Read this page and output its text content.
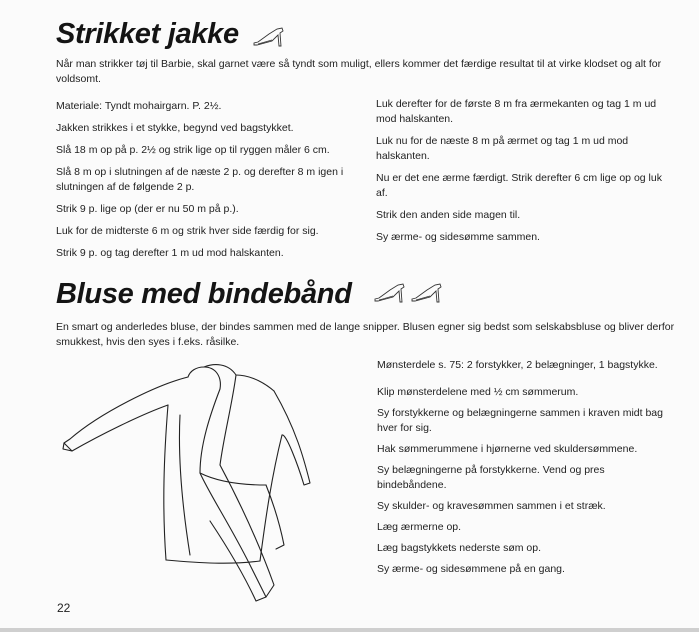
Strikket jakke

Når man strikker tøj til Barbie, skal garnet være så tyndt som muligt, ellers kommer det færdige resultat til at virke klodset og alt for voldsomt.

Materiale: Tyndt mohairgarn. P. 2½.

Jakken strikkes i et stykke, begynd ved bagstykket.

Slå 18 m op på p. 2½ og strik lige op til ryggen måler 6 cm.

Slå 8 m op i slutningen af de næste 2 p. og derefter 8 m igen i slutningen af de følgende 2 p.

Strik 9 p. lige op (der er nu 50 m på p.).

Luk for de midterste 6 m og strik hver side færdig for sig.

Strik 9 p. og tag derefter 1 m ud mod halskanten.

Luk derefter for de første 8 m fra ærmekanten og tag 1 m ud mod halskanten.

Luk nu for de næste 8 m på ærmet og tag 1 m ud mod halskanten.

Nu er det ene ærme færdigt. Strik derefter 6 cm lige op og luk af.

Strik den anden side magen til.

Sy ærme- og sidesømme sammen.

Bluse med bindebånd

En smart og anderledes bluse, der bindes sammen med de lange snipper. Blusen egner sig bedst som selskabsbluse og bliver derfor smukkest, hvis den syes i f.eks. råsilke.

Mønsterdele s. 75: 2 forstykker, 2 belægninger, 1 bagstykke.

Klip mønsterdelene med ½ cm sømmerum.

Sy forstykkerne og belægningerne sammen i kraven midt bag hver for sig.

Hak sømmerummene i hjørnerne ved skuldersømmene.

Sy belægningerne på forstykkerne. Vend og pres bindebåndene.

Sy skulder- og kravesømmen sammen i et stræk.

Læg ærmerne op.

Læg bagstykkets nederste søm op.

Sy ærme- og sidesømmene på en gang.

22
